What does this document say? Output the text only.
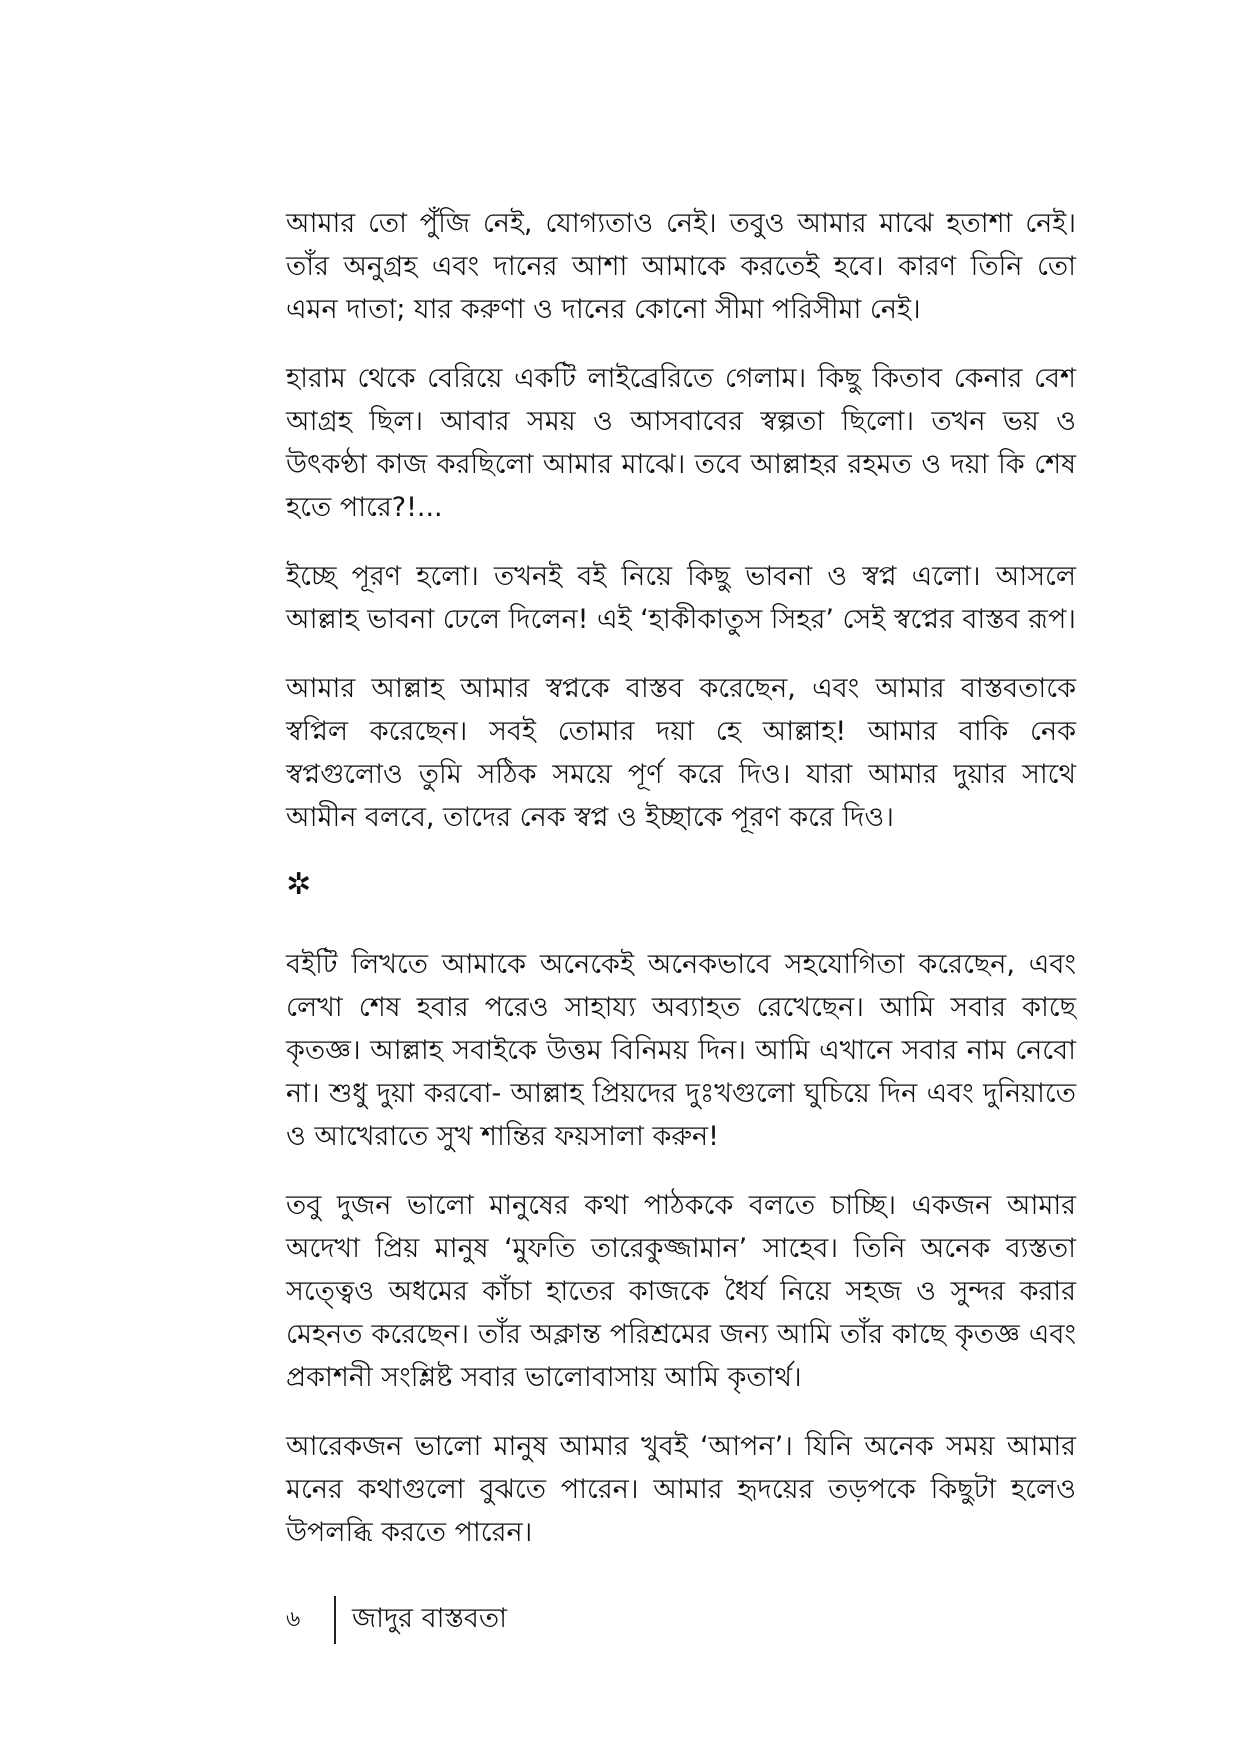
আমার তো পুঁজি নেই, যোগ্যতাও নেই। তবুও আমার মাঝে হতাশা নেই। তাঁর অনুগ্রহ এবং দানের আশা আমাকে করতেই হবে। কারণ তিনি তো এমন দাতা; যার করুণা ও দানের কোনো সীমা পরিসীমা নেই।

হারাম থেকে বেরিয়ে একটি লাইব্রেরিতে গেলাম। কিছু কিতাব কেনার বেশ আগ্রহ ছিল। আবার সময় ও আসবাবের স্বল্পতা ছিলো। তখন ভয় ও উৎকণ্ঠা কাজ করছিলো আমার মাঝে। তবে আল্লাহর রহমত ও দয়া কি শেষ হতে পারে?!...

ইচ্ছে পূরণ হলো। তখনই বই নিয়ে কিছু ভাবনা ও স্বপ্ন এলো। আসলে আল্লাহ ভাবনা ঢেলে দিলেন! এই ‘হাকীকাতুস সিহর’ সেই স্বপ্নের বাস্তব রূপ।

আমার আল্লাহ আমার স্বপ্নকে বাস্তব করেছেন, এবং আমার বাস্তবতাকে স্বপ্নিল করেছেন। সবই তোমার দয়া হে আল্লাহ! আমার বাকি নেক স্বপ্নগুলোও তুমি সঠিক সময়ে পূর্ণ করে দিও। যারা আমার দুয়ার সাথে আমীন বলবে, তাদের নেক স্বপ্ন ও ইচ্ছাকে পূরণ করে দিও।

✲

বইটি লিখতে আমাকে অনেকেই অনেকভাবে সহযোগিতা করেছেন, এবং লেখা শেষ হবার পরেও সাহায্য অব্যাহত রেখেছেন। আমি সবার কাছে কৃতজ্ঞ। আল্লাহ সবাইকে উত্তম বিনিময় দিন। আমি এখানে সবার নাম নেবো না। শুধু দুয়া করবো- আল্লাহ প্রিয়দের দুঃখগুলো ঘুচিয়ে দিন এবং দুনিয়াতে ও আখেরাতে সুখ শান্তির ফয়সালা করুন!

তবু দুজন ভালো মানুষের কথা পাঠককে বলতে চাচ্ছি। একজন আমার অদেখা প্রিয় মানুষ ‘মুফতি তারেকুজ্জামান’ সাহেব। তিনি অনেক ব্যস্ততা সত্ত্বেও অধমের কাঁচা হাতের কাজকে ধৈর্য নিয়ে সহজ ও সুন্দর করার মেহনত করেছেন। তাঁর অক্লান্ত পরিশ্রমের জন্য আমি তাঁর কাছে কৃতজ্ঞ এবং প্রকাশনী সংশ্লিষ্ট সবার ভালোবাসায় আমি কৃতার্থ।

আরেকজন ভালো মানুষ আমার খুবই ‘আপন’। যিনি অনেক সময় আমার মনের কথাগুলো বুঝতে পারেন। আমার হৃদয়ের তড়পকে কিছুটা হলেও উপলব্ধি করতে পারেন।

৬	জাদুর বাস্তবতা
